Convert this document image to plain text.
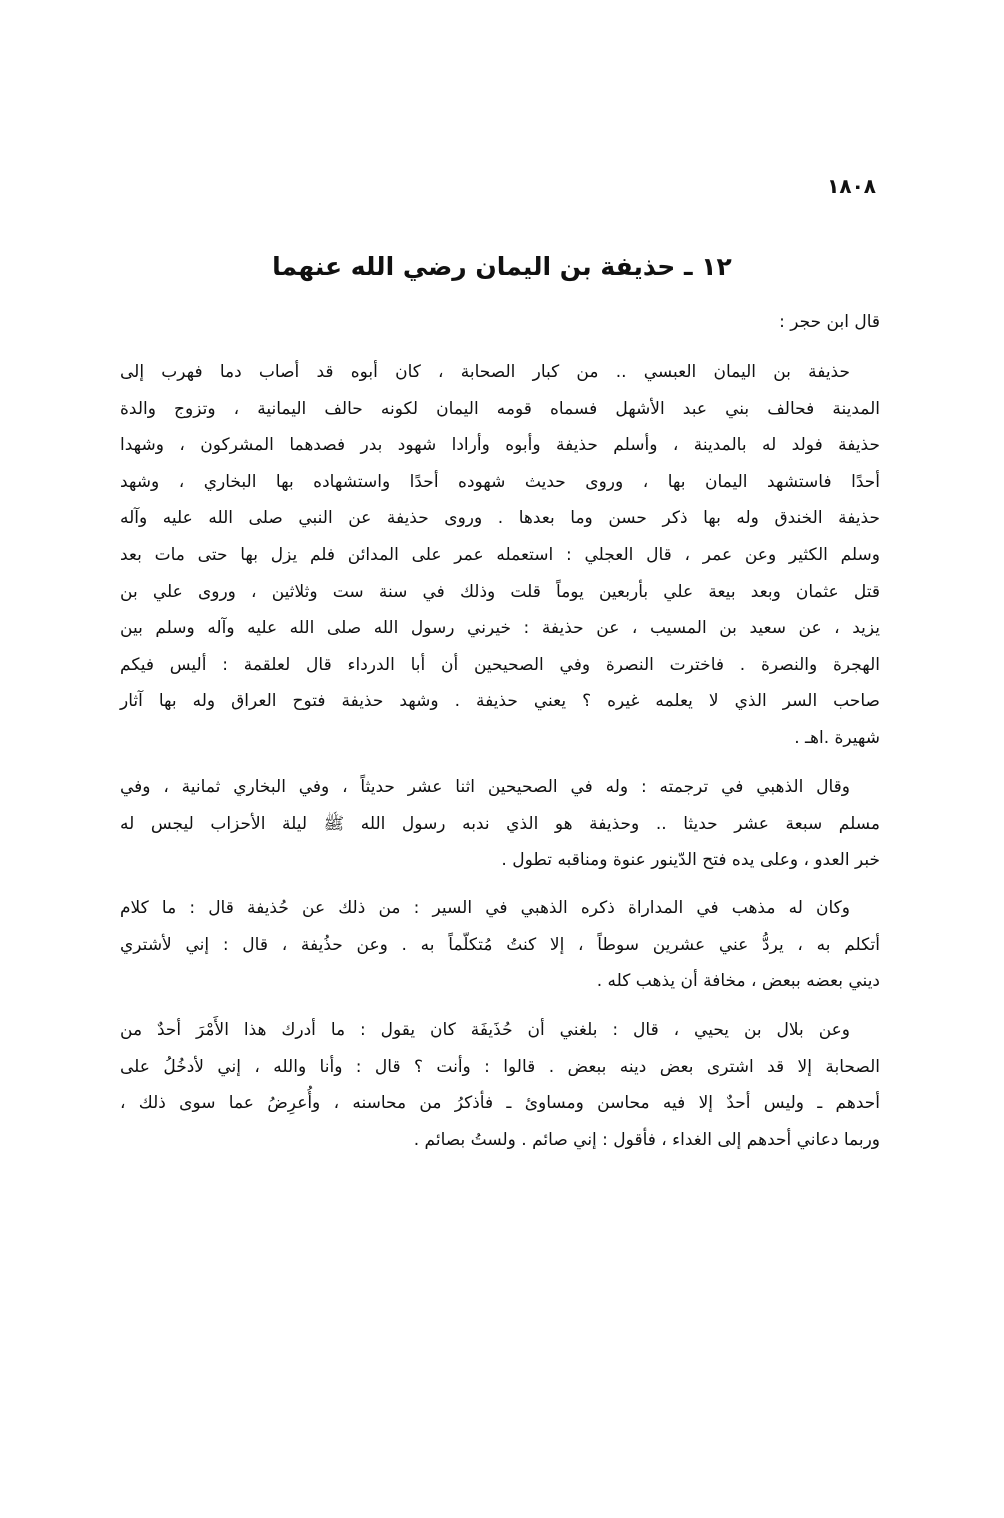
١٨٠٨
١٢ ـ حذيفة بن اليمان رضي الله عنهما
قال ابن حجر :
حذيفة بن اليمان العبسي .. من كبار الصحابة ، كان أبوه قد أصاب دما فهرب إلى
المدينة فحالف بني عبد الأشهل فسماه قومه اليمان لكونه حالف اليمانية ، وتزوج والدة
حذيفة فولد له بالمدينة ، وأسلم حذيفة وأبوه وأرادا شهود بدر فصدهما المشركون ، وشهدا
أحدًا فاستشهد اليمان بها ، وروى حديث شهوده أحدًا واستشهاده بها البخاري ، وشهد
حذيفة الخندق وله بها ذكر حسن وما بعدها . وروى حذيفة عن النبي صلى الله عليه وآله
وسلم الكثير وعن عمر ، قال العجلي : استعمله عمر على المدائن فلم يزل بها حتى مات بعد
قتل عثمان وبعد بيعة علي بأربعين يوماً قلت وذلك في سنة ست وثلاثين ، وروى علي بن
يزيد ، عن سعيد بن المسيب ، عن حذيفة : خيرني رسول الله صلى الله عليه وآله وسلم بين
الهجرة والنصرة . فاخترت النصرة وفي الصحيحين أن أبا الدرداء قال لعلقمة : أليس فيكم
صاحب السر الذي لا يعلمه غيره ؟ يعني حذيفة . وشهد حذيفة فتوح العراق وله بها آثار
شهيرة .اهـ .
وقال الذهبي في ترجمته : وله في الصحيحين اثنا عشر حديثاً ، وفي البخاري ثمانية ، وفي
مسلم سبعة عشر حديثا .. وحذيفة هو الذي ندبه رسول الله ﷺ ليلة الأحزاب ليجس له
خبر العدو ، وعلى يده فتح الدّينور عنوة ومناقبه تطول .
وكان له مذهب في المداراة ذكره الذهبي في السير : من ذلك عن حُذيفة قال : ما كلام
أتكلم به ، يردُّ عني عشرين سوطاً ، إلا كنتُ مُتكلّماً به . وعن حذُيفة ، قال : إني لأشتري
ديني بعضه ببعض ، مخافة أن يذهب كله .
وعن بلال بن يحيي ، قال : بلغني أن حُذَيفَة كان يقول : ما أدرك هذا الأَمْرَ أحدٌ من
الصحابة إلا قد اشترى بعض دينه ببعض . قالوا : وأنت ؟ قال : وأنا والله ، إني لأدخُلُ على
أحدهم ـ وليس أحدٌ إلا فيه محاسن ومساوئ ـ فأذكرُ من محاسنه ، وأُعرِضُ عما سوى ذلك ،
وربما دعاني أحدهم إلى الغداء ، فأقول : إني صائم . ولستُ بصائم .
